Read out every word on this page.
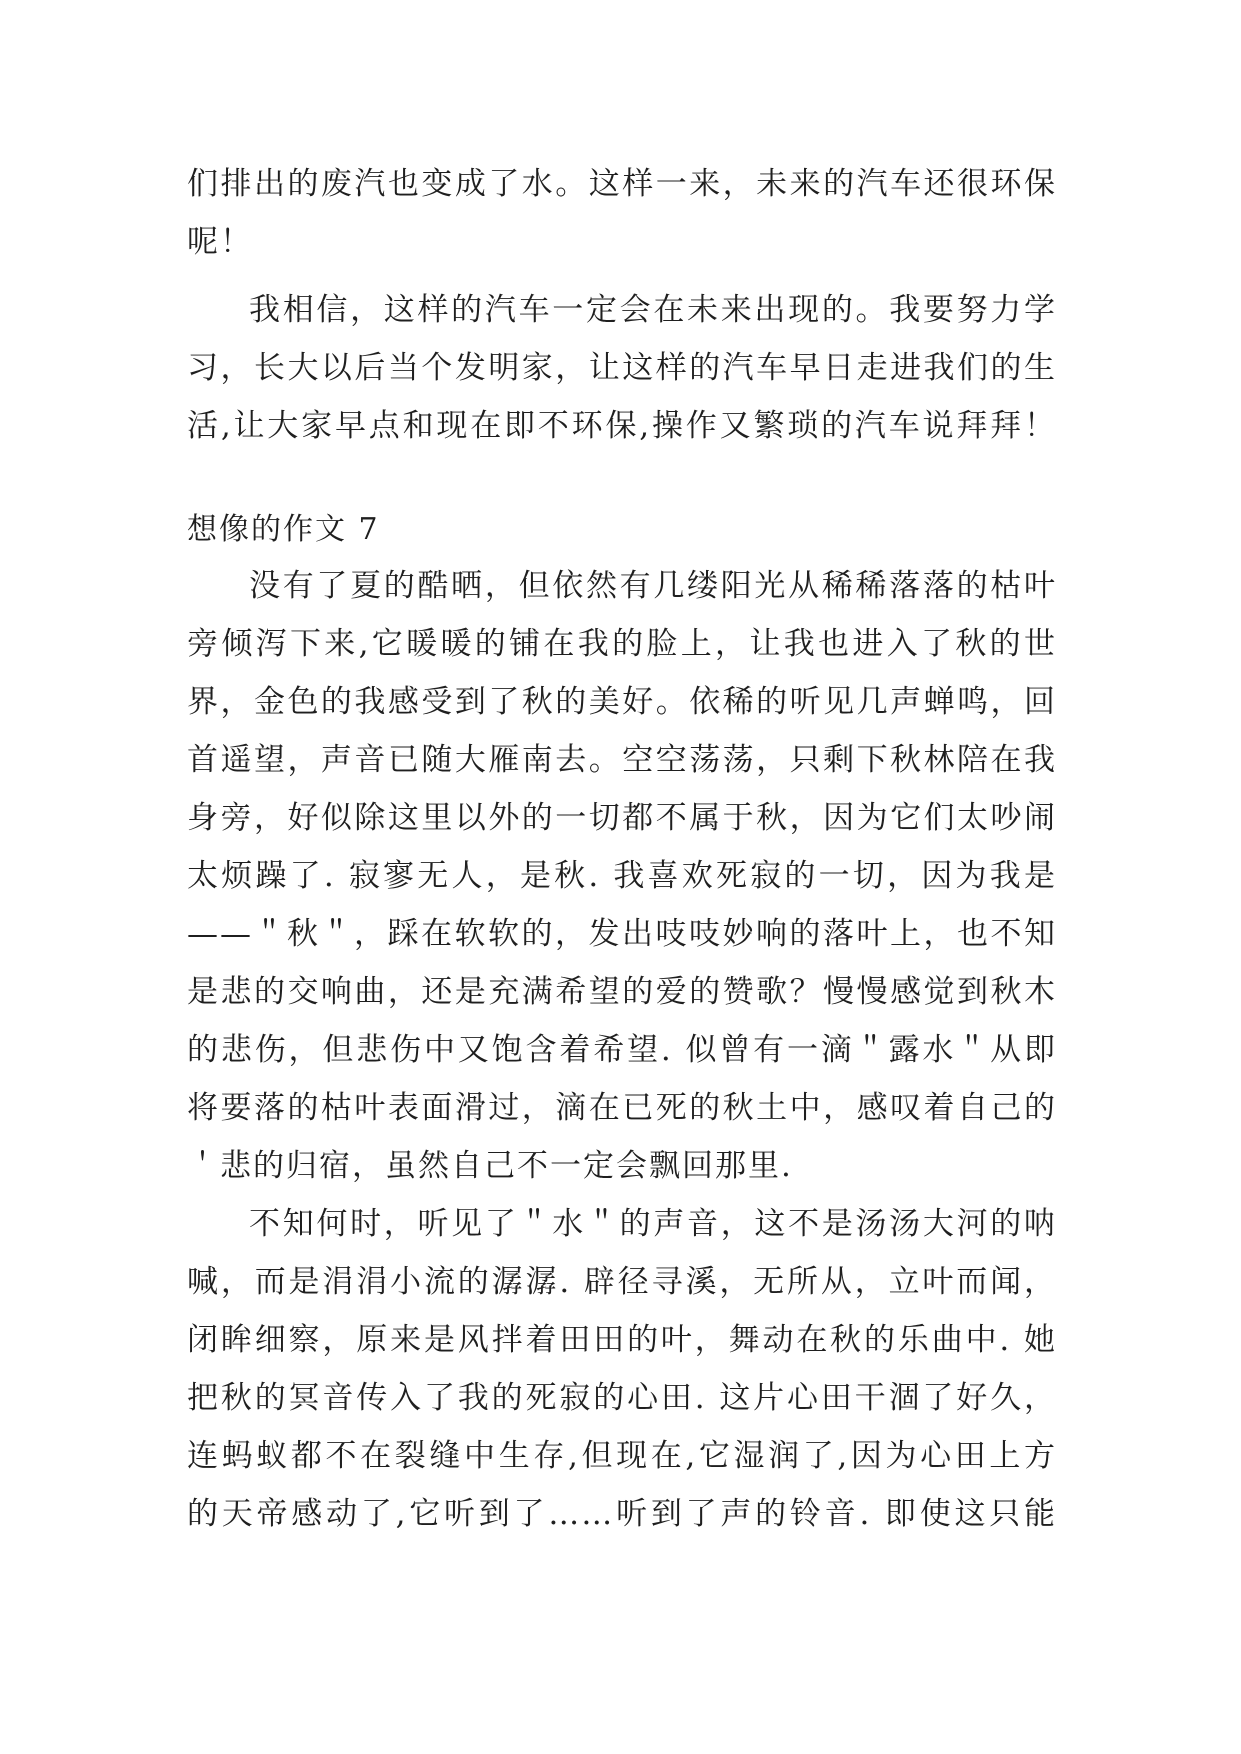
们排出的废汽也变成了水。这样一来，未来的汽车还很环保
呢！
我相信，这样的汽车一定会在未来出现的。我要努力学
习，长大以后当个发明家，让这样的汽车早日走进我们的生
活,让大家早点和现在即不环保,操作又繁琐的汽车说拜拜！
想像的作文 7
没有了夏的酷晒，但依然有几缕阳光从稀稀落落的枯叶
旁倾泻下来,它暖暖的铺在我的脸上，让我也进入了秋的世
界，金色的我感受到了秋的美好。依稀的听见几声蝉鸣，回
首遥望，声音已随大雁南去。空空荡荡，只剩下秋林陪在我
身旁，好似除这里以外的一切都不属于秋，因为它们太吵闹
太烦躁了. 寂寥无人，是秋. 我喜欢死寂的一切，因为我是
——＂秋＂，踩在软软的，发出吱吱妙响的落叶上，也不知
是悲的交响曲，还是充满希望的爱的赞歌？慢慢感觉到秋木
的悲伤，但悲伤中又饱含着希望. 似曾有一滴＂露水＂从即
将要落的枯叶表面滑过，滴在已死的秋土中，感叹着自己的
＇悲的归宿，虽然自己不一定会飘回那里.
不知何时，听见了＂水＂的声音，这不是汤汤大河的呐
喊，而是涓涓小流的潺潺. 辟径寻溪，无所从，立叶而闻，
闭眸细察，原来是风拌着田田的叶，舞动在秋的乐曲中. 她
把秋的冥音传入了我的死寂的心田. 这片心田干涸了好久，
连蚂蚁都不在裂缝中生存,但现在,它湿润了,因为心田上方
的天帝感动了,它听到了……听到了声的铃音. 即使这只能
